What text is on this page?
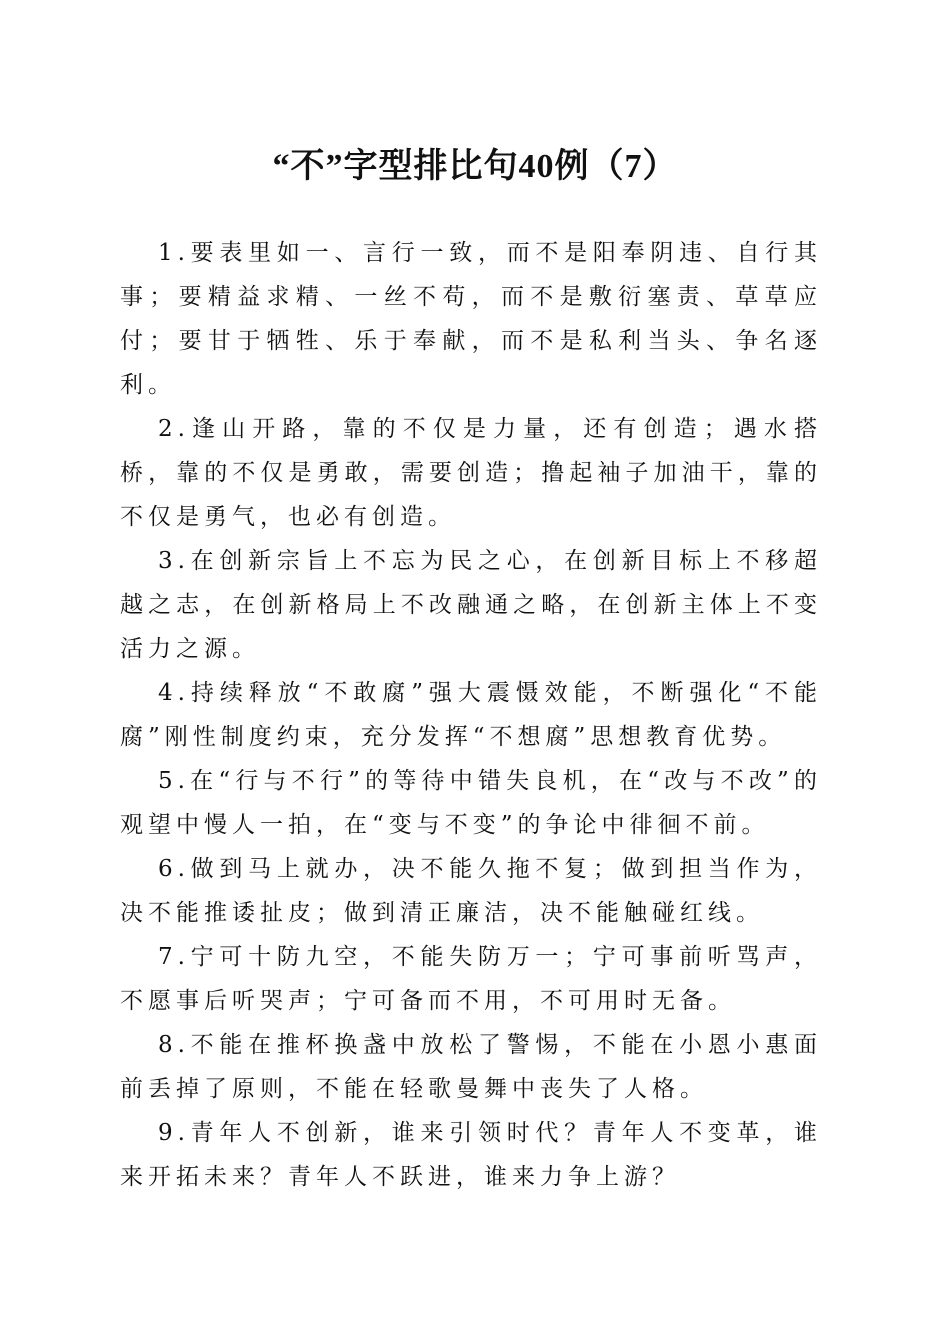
“不”字型排比句40例（7）

1.要表里如一、言行一致，而不是阳奉阴违、自行其事；要精益求精、一丝不苟，而不是敷衍塞责、草草应付；要甘于牺牲、乐于奉献，而不是私利当头、争名逐利。

2.逢山开路，靠的不仅是力量，还有创造；遇水搭桥，靠的不仅是勇敢，需要创造；撸起袖子加油干，靠的不仅是勇气，也必有创造。

3.在创新宗旨上不忘为民之心，在创新目标上不移超越之志，在创新格局上不改融通之略，在创新主体上不变活力之源。

4.持续释放“不敢腐”强大震慑效能，不断强化“不能腐”刚性制度约束，充分发挥“不想腐”思想教育优势。

5.在“行与不行”的等待中错失良机，在“改与不改”的观望中慢人一拍，在“变与不变”的争论中徘徊不前。

6.做到马上就办，决不能久拖不复；做到担当作为，决不能推诿扯皮；做到清正廉洁，决不能触碰红线。

7.宁可十防九空，不能失防万一；宁可事前听骂声，不愿事后听哭声；宁可备而不用，不可用时无备。

8.不能在推杯换盏中放松了警惕，不能在小恩小惠面前丢掉了原则，不能在轻歌曼舞中丧失了人格。

9.青年人不创新，谁来引领时代？青年人不变革，谁来开拓未来？青年人不跃进，谁来力争上游？
